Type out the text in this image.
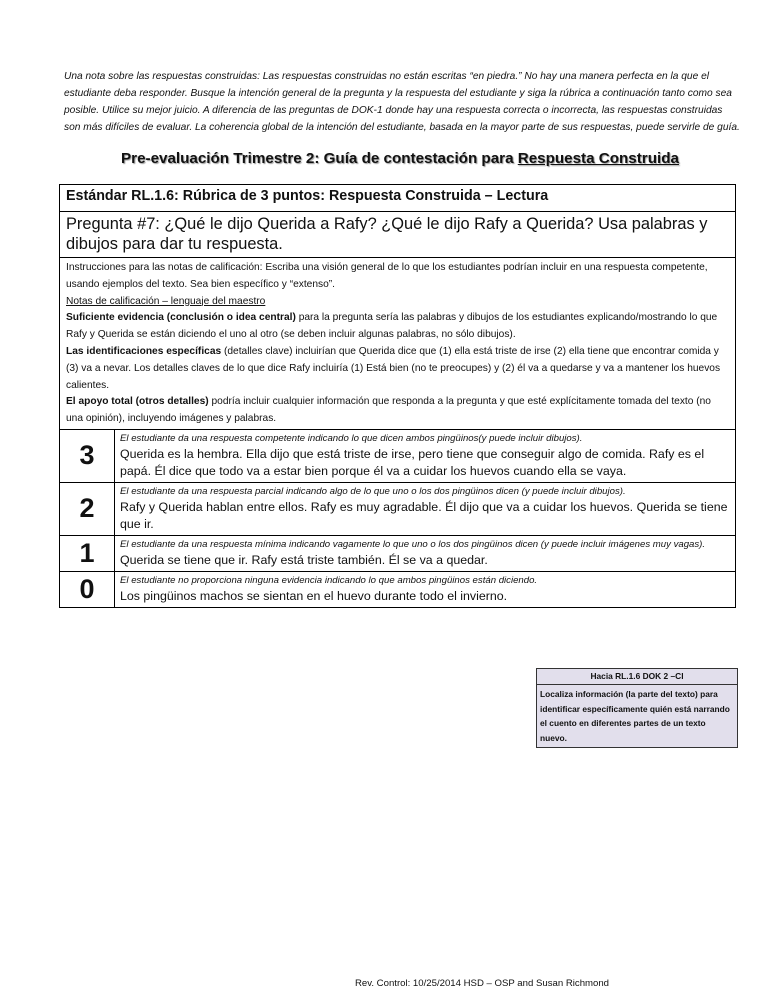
Una nota sobre las respuestas construidas: Las respuestas construidas no están escritas “en piedra.” No hay una manera perfecta en la que el estudiante deba responder. Busque la intención general de la pregunta y la respuesta del estudiante y siga la rúbrica a continuación tanto como sea posible. Utilice su mejor juicio. A diferencia de las preguntas de DOK-1 donde hay una respuesta correcta o incorrecta, las respuestas construidas son más difíciles de evaluar. La coherencia global de la intención del estudiante, basada en la mayor parte de sus respuestas, puede servirle de guía.
Pre-evaluación Trimestre 2: Guía de contestación para Respuesta Construida
Estándar RL.1.6: Rúbrica de 3 puntos: Respuesta Construida – Lectura	
Pregunta #7: ¿Qué le dijo Querida a Rafy? ¿Qué le dijo Rafy a Querida? Usa palabras y dibujos para dar tu respuesta.	

Instrucciones para las notas de calificación: Escriba una visión general de lo que los estudiantes podrían incluir en una respuesta competente, usando ejemplos del texto. Sea bien específico y “extenso”.
Notas de calificación – lenguaje del maestro
Suficiente evidencia (conclusión o idea central) para la pregunta sería las palabras y dibujos de los estudiantes explicando/mostrando lo que Rafy y Querida se están diciendo el uno al otro (se deben incluir algunas palabras, no sólo dibujos).
Las identificaciones específicas (detalles clave) incluirían que Querida dice que (1) ella está triste de irse (2) ella tiene que encontrar comida y (3) va a nevar. Los detalles claves de lo que dice Rafy incluiría (1) Está bien (no te preocupes) y (2) él va a quedarse y va a mantener los huevos calientes.
El apoyo total (otros detalles) podría incluir cualquier información que responda a la pregunta y que esté explícitamente tomada del texto (no una opinión), incluyendo imágenes y palabras.	

3	El estudiante da una respuesta competente indicando lo que dicen ambos pingüinos(y puede incluir dibujos).
Querida es la hembra. Ella dijo que está triste de irse, pero tiene que conseguir algo de comida. Rafy es el papá. Él dice que todo va a estar bien porque él va a cuidar los huevos cuando ella se vaya.

2	El estudiante da una respuesta parcial indicando algo de lo que uno o los dos pingüinos dicen (y puede incluir dibujos).
Rafy y Querida hablan entre ellos. Rafy es muy agradable. Él dijo que va a cuidar los huevos. Querida se tiene que ir.

1	El estudiante da una respuesta mínima indicando vagamente lo que uno o los dos pingüinos dicen (y puede incluir imágenes muy vagas).
Querida se tiene que ir. Rafy está triste también. Él se va a quedar.

0	El estudiante no proporciona ninguna evidencia indicando lo que ambos pingüinos están diciendo.
Los pingüinos machos se sientan en el huevo durante todo el invierno.
Hacia RL.1.6 DOK 2 –CI
Localiza información (la parte del texto) para identificar específicamente quién está narrando el cuento en diferentes partes de un texto nuevo.
Rev. Control: 10/25/2014 HSD – OSP and Susan Richmond
